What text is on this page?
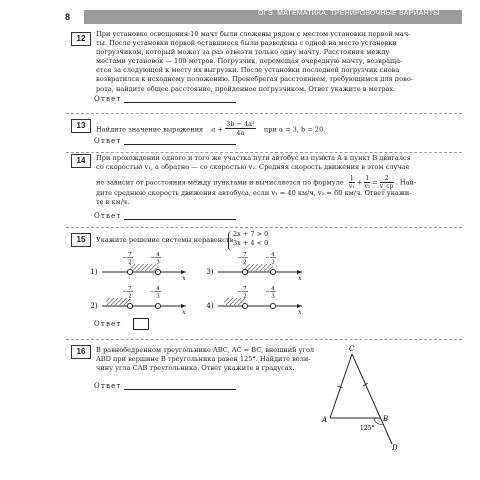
8	ОГЭ. МАТЕМАТИКА. ТРЕНИРОВОЧНЫЕ ВАРИАНТЫ
12	При установке освещения 10 мачт были сложены рядом с местом установки первой мач-
ты. После установки первой оставшиеся были разведены с одной на место установки
погрузчиком, который может за раз отвезти только одну мачту. Расстояния между
местами установок — 100 метров. Погрузчик, перемещая очередную мачту, возвраща-
ется за следующей к месту их выгрузки. После установки последней погрузчик снова
возвратился к исходному положению. Пренебрегая расстоянием, требующимся для пово-
рота, найдите общее расстояние, пройденное погрузчиком. Ответ укажите в метрах.
Ответ
13	Найдите значение выражения $a + \frac{\text{3b − 4a²}}{4a}$ при a = 3, b = 20.
Ответ
14	При прохождении одного и того же участка пути автобус из пункта A в пункт B двигался
со скоростью v₁, а обратно — со скоростью v₂. Средняя скорость движения в этом случае
не зависит от расстояния между пунктами и вычисляется по формуле $\frac{1}{\text{v₁}} + \frac{1}{\text{v₂}}$ =	2
v_ср . Най-
дите среднюю скорость движения автобуса, если v₁ = 40 км/ч, v₂ = 60 км/ч. Ответ укажи-
те в км/ч.
Ответ
15	Укажите решение системы неравенств
2x + 7 > 0
3x + 4 < 0
1)
x
7
−
2
4
−
3
3)
x
7
−
2
4
−
3
2)
x
7
−
2
4
−
3
4)
x
7
−
2
4
−
3
Ответ
16	В равнобедренном треугольнике ABC, AC = BC, внешний угол
ABD при вершине B треугольника равен 125°. Найдите вели-
чину угла CAB треугольника. Ответ укажите в градусах.
Ответ
C
A	B
D
125°
